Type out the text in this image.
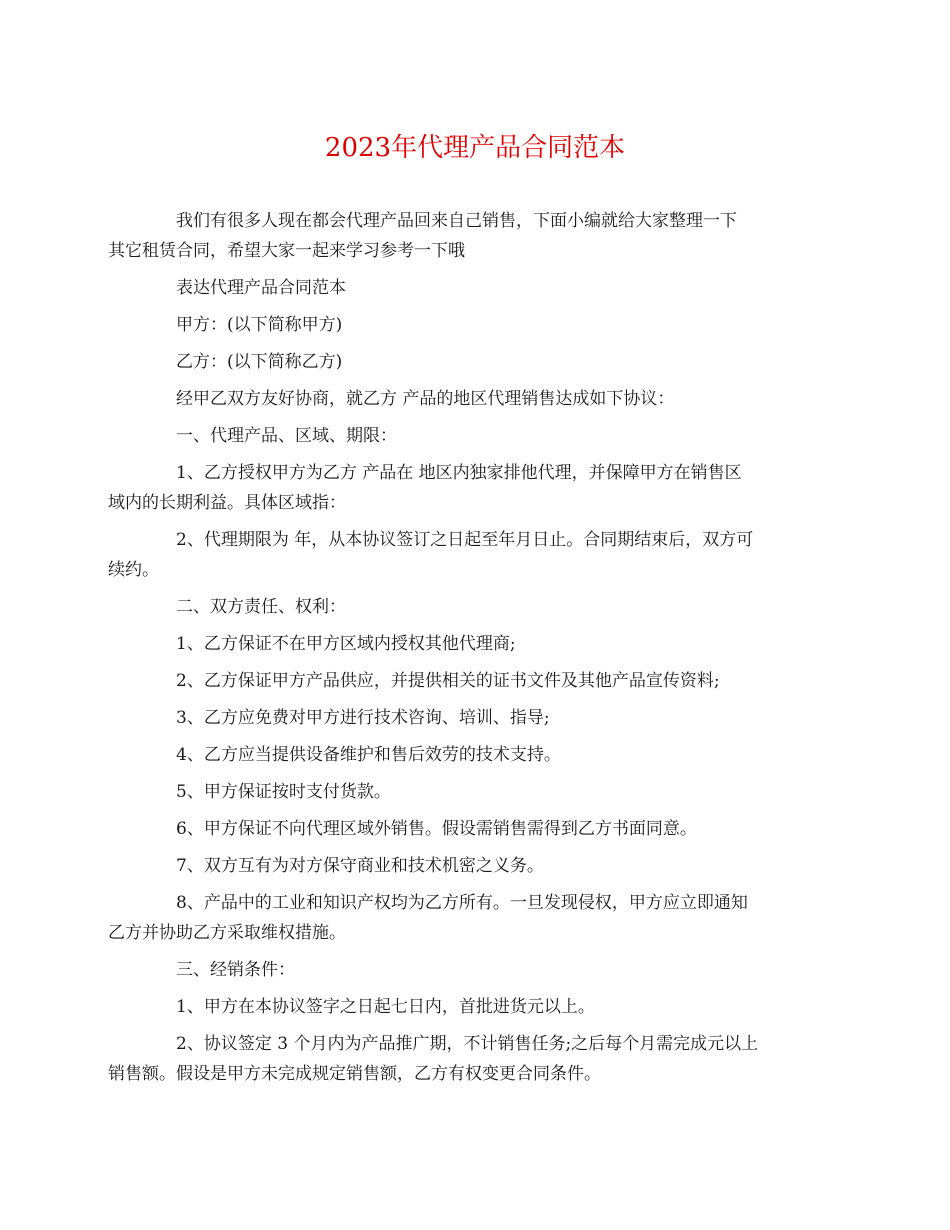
2023年代理产品合同范本

我们有很多人现在都会代理产品回来自己销售，下面小编就给大家整理一下
其它租赁合同，希望大家一起来学习参考一下哦

表达代理产品合同范本

甲方：(以下简称甲方)

乙方：(以下简称乙方)

经甲乙双方友好协商，就乙方 产品的地区代理销售达成如下协议：

一、代理产品、区域、期限：

1、乙方授权甲方为乙方 产品在 地区内独家排他代理，并保障甲方在销售区
域内的长期利益。具体区域指：

2、代理期限为 年，从本协议签订之日起至年月日止。合同期结束后，双方可
续约。

二、双方责任、权利：

1、乙方保证不在甲方区域内授权其他代理商;

2、乙方保证甲方产品供应，并提供相关的证书文件及其他产品宣传资料;

3、乙方应免费对甲方进行技术咨询、培训、指导;

4、乙方应当提供设备维护和售后效劳的技术支持。

5、甲方保证按时支付货款。

6、甲方保证不向代理区域外销售。假设需销售需得到乙方书面同意。

7、双方互有为对方保守商业和技术机密之义务。

8、产品中的工业和知识产权均为乙方所有。一旦发现侵权，甲方应立即通知
乙方并协助乙方采取维权措施。

三、经销条件：

1、甲方在本协议签字之日起七日内，首批进货元以上。

2、协议签定 3 个月内为产品推广期，不计销售任务;之后每个月需完成元以上
销售额。假设是甲方未完成规定销售额，乙方有权变更合同条件。
